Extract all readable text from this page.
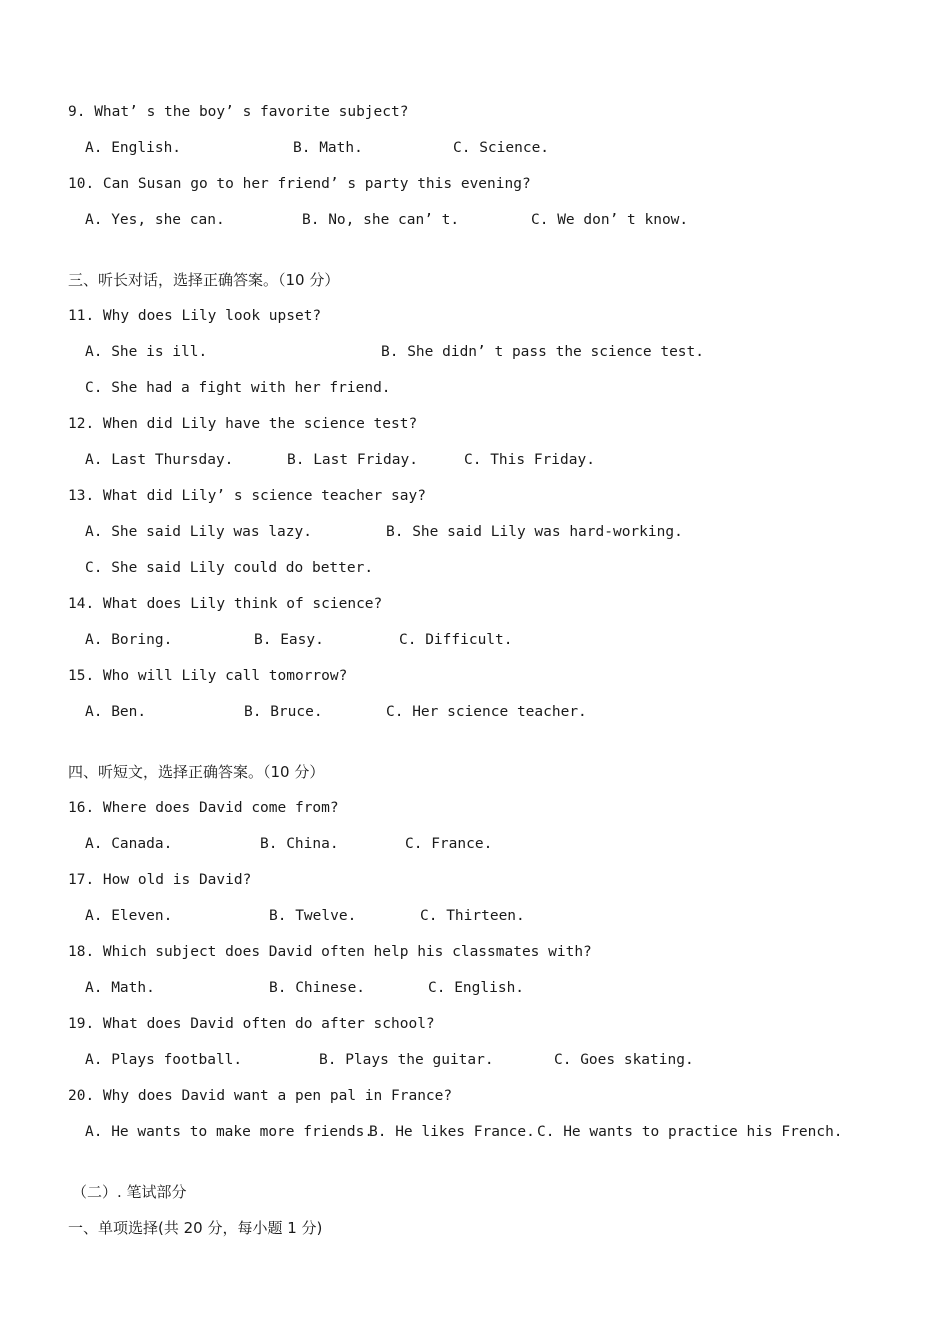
9. What’ s the boy’ s favorite subject?

A. English.

	B. Math.

	C. Science.

10. Can Susan go to her friend’ s party this evening?

A. Yes, she can.

	B. No, she can’ t.

	C. We don’ t know.

三、听长对话，选择正确答案。（10 分）
11. Why does Lily look upset?

A. She is ill.

	B. She didn’ t pass the science test.

C. She had a fight with her friend.

12. When did Lily have the science test?

A. Last Thursday.

	B. Last Friday.

	C. This Friday.

13. What did Lily’ s science teacher say?

A. She said Lily was lazy.

	B. She said Lily was hard-working.

C. She said Lily could do better.

14. What does Lily think of science?

A. Boring.

	B. Easy.

	C. Difficult.

15. Who will Lily call tomorrow?

A. Ben.

	B. Bruce.

	C. Her science teacher.

四、听短文，选择正确答案。（10 分）
16. Where does David come from?

A. Canada.

	B. China.

	C. France.

17. How old is David?

A. Eleven.

	B. Twelve.

	C. Thirteen.

18. Which subject does David often help his classmates with?

A. Math.

	B. Chinese.

	C. English.

19. What does David often do after school?

A. Plays football.

	B. Plays the guitar.

	C. Goes skating.

20. Why does David want a pen pal in France?

A. He wants to make more friends.

B. He likes France.

C. He wants to practice his French.

（二）. 笔试部分
一、单项选择(共 20 分，每小题 1 分)
